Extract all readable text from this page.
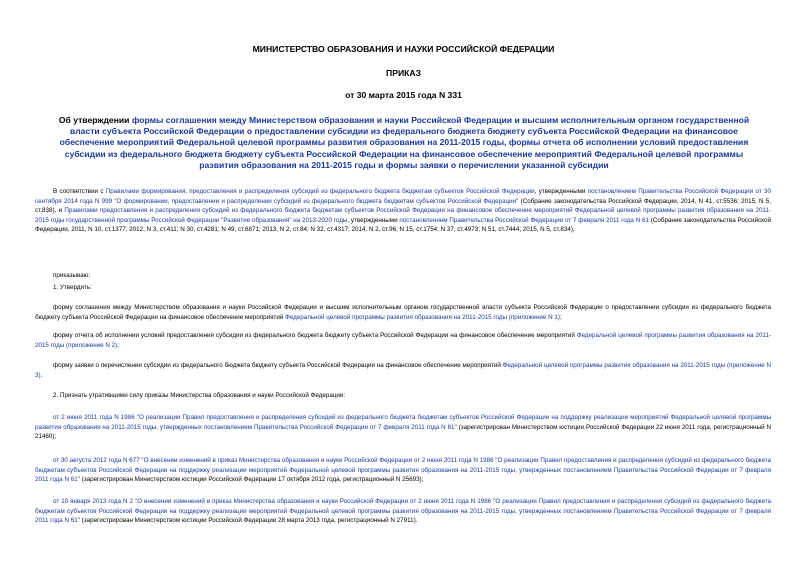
МИНИСТЕРСТВО ОБРАЗОВАНИЯ И НАУКИ РОССИЙСКОЙ ФЕДЕРАЦИИ

ПРИКАЗ

от 30 марта 2015 года N 331

Об утверждении формы соглашения между Министерством образования и науки Российской Федерации и высшим исполнительным органом государственной власти субъекта Российской Федерации о предоставлении субсидии из федерального бюджета бюджету субъекта Российской Федерации на финансовое обеспечение мероприятий Федеральной целевой программы развития образования на 2011-2015 годы, формы отчета об исполнении условий предоставления субсидии из федерального бюджета бюджету субъекта Российской Федерации на финансовое обеспечение мероприятий Федеральной целевой программы развития образования на 2011-2015 годы и формы заявки о перечислении указанной субсидии

В соответствии с Правилами формирования, предоставления и распределения субсидий из федерального бюджета бюджетам субъектов Российской Федерации, утвержденными постановлением Правительства Российской Федерации от 30 сентября 2014 года N 999 "О формировании, предоставлении и распределении субсидий из федерального бюджета бюджетам субъектов Российской Федерации" (Собрание законодательства Российской Федерации, 2014, N 41, ст.5536; 2015, N 5, ст.838), и Правилами предоставления и распределения субсидий из федерального бюджета бюджетам субъектов Российской Федерации на финансовое обеспечение мероприятий Федеральной целевой программы развития образования на 2011-2015 годы государственной программы Российской Федерации "Развитие образования" на 2013-2020 годы, утвержденными постановлением Правительства Российской Федерации от 7 февраля 2011 года N 61 (Собрание законодательства Российской Федерации, 2011, N 10, ст.1377; 2012, N 3, ст.411; N 30, ст.4281; N 49, ст.6871; 2013, N 2, ст.84; N 32, ст.4317; 2014, N 2, ст.96; N 15, ст.1754; N 37, ст.4973; N 51, ст.7444; 2015, N 5, ст.834),

приказываю:

1. Утвердить:

форму соглашения между Министерством образования и науки Российской Федерации и высшим исполнительным органом государственной власти субъекта Российской Федерации о предоставлении субсидии из федерального бюджета бюджету субъекта Российской Федерации на финансовое обеспечение мероприятий Федеральной целевой программы развития образования на 2011-2015 годы (приложение N 1);

форму отчета об исполнении условий предоставления субсидии из федерального бюджета бюджету субъекта Российской Федерации на финансовое обеспечение мероприятий Федеральной целевой программы развития образования на 2011-2015 годы (приложение N 2);

форму заявки о перечислении субсидии из федерального бюджета бюджету субъекта Российской Федерации на финансовое обеспечение мероприятий Федеральной целевой программы развития образования на 2011-2015 годы (приложение N 3).

2. Признать утратившими силу приказы Министерства образования и науки Российской Федерации:

от 2 июня 2011 года N 1986 "О реализации Правил предоставления и распределения субсидий из федерального бюджета бюджетам субъектов Российской Федерации на поддержку реализации мероприятий Федеральной целевой программы развития образования на 2011-2015 годы, утвержденных постановлением Правительства Российской Федерации от 7 февраля 2011 года N 61" (зарегистрирован Министерством юстиции Российской Федерации 22 июня 2011 года, регистрационный N 21460);

от 30 августа 2012 года N 677 "О внесении изменений в приказ Министерства образования и науки Российской Федерации от 2 июня 2011 года N 1986 "О реализации Правил предоставления и распределения субсидий из федерального бюджета бюджетам субъектов Российской Федерации на поддержку реализации мероприятий Федеральной целевой программы развития образования на 2011-2015 годы, утвержденных постановлением Правительства Российской Федерации от 7 февраля 2011 года N 61" (зарегистрирован Министерством юстиции Российской Федерации 17 октября 2012 года, регистрационный N 25693);

от 10 января 2013 года N 2 "О внесении изменений в приказ Министерства образования и науки Российской Федерации от 2 июня 2011 года N 1986 "О реализации Правил предоставления и распределения субсидий из федерального бюджета бюджетам субъектов Российской Федерации на поддержку реализации мероприятий Федеральной целевой программы развития образования на 2011-2015 годы, утвержденных постановлением Правительства Российской Федерации от 7 февраля 2011 года N 61" (зарегистрирован Министерством юстиции Российской Федерации 28 марта 2013 года, регистрационный N 27911).
